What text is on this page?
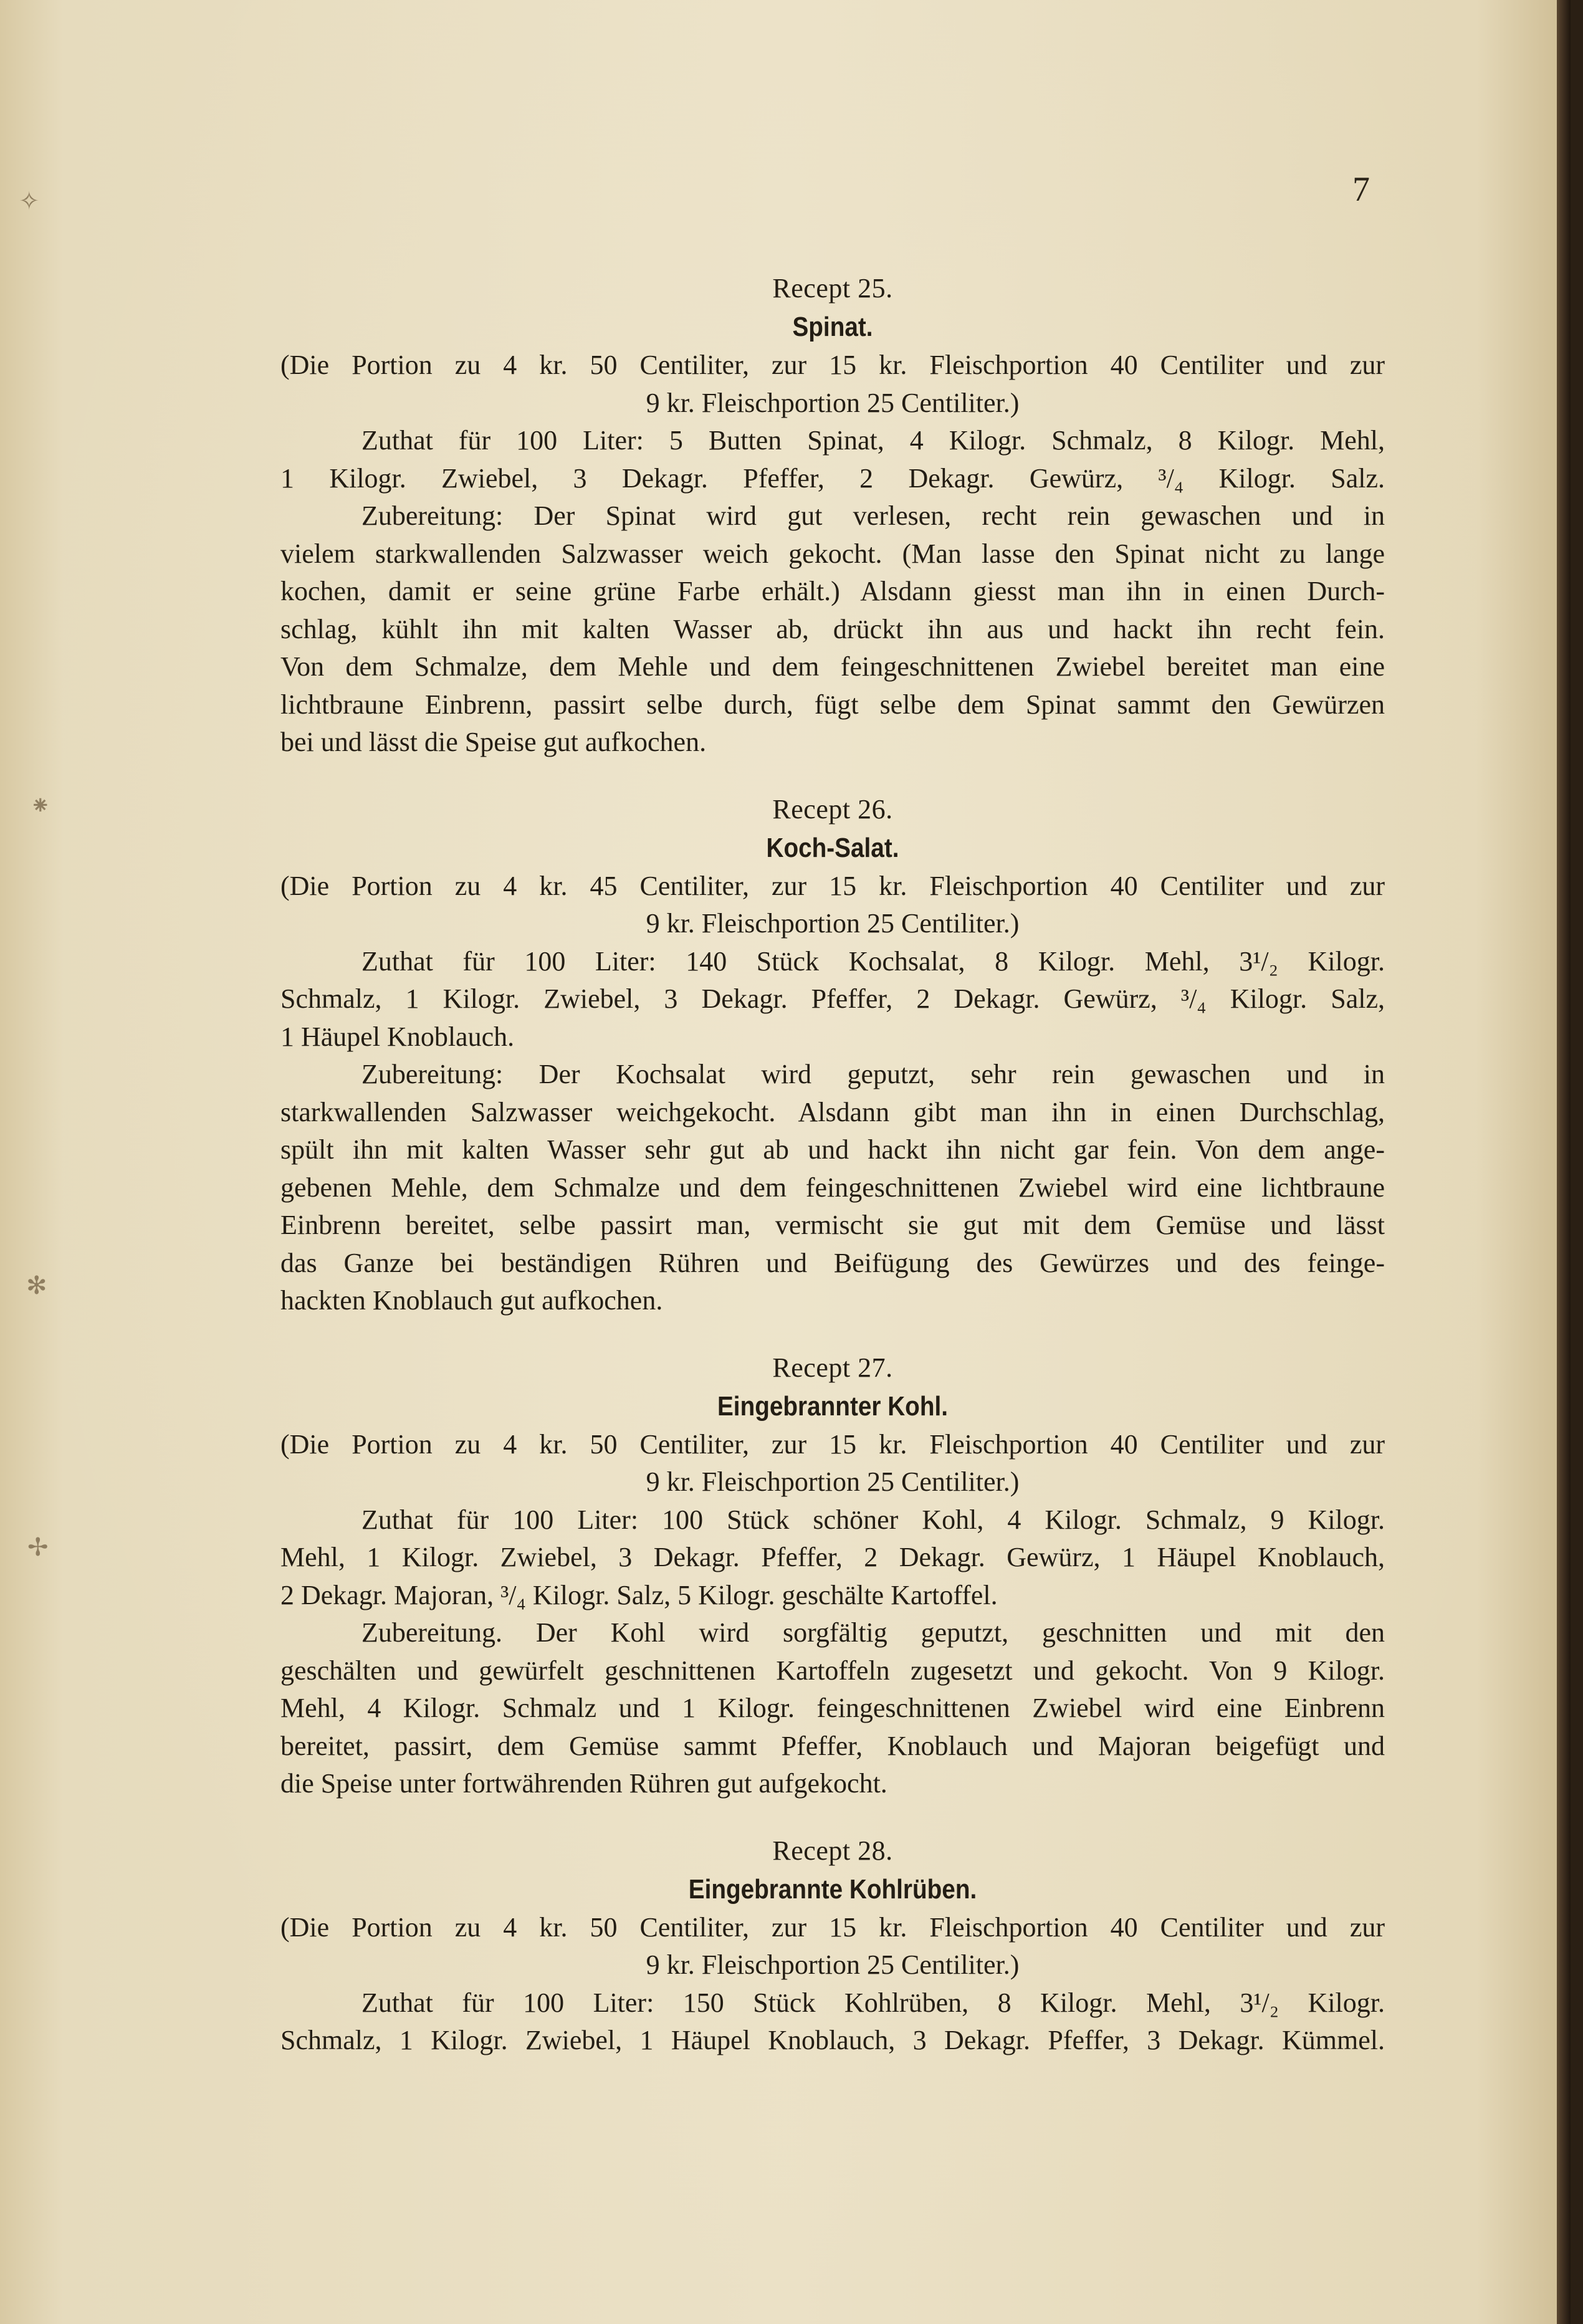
✧
⁕
✻
✢
7
Recept 25.
Spinat.
(Die Portion zu 4 kr. 50 Centiliter, zur 15 kr. Fleischportion 40 Centiliter und zur
9 kr. Fleischportion 25 Centiliter.)
Zuthat für 100 Liter: 5 Butten Spinat, 4 Kilogr. Schmalz, 8 Kilogr. Mehl,
1 Kilogr. Zwiebel, 3 Dekagr. Pfeffer, 2 Dekagr. Gewürz, ³/₄ Kilogr. Salz.
Zubereitung: Der Spinat wird gut verlesen, recht rein gewaschen und in
vielem starkwallenden Salzwasser weich gekocht. (Man lasse den Spinat nicht zu lange
kochen, damit er seine grüne Farbe erhält.) Alsdann giesst man ihn in einen Durch-
schlag, kühlt ihn mit kalten Wasser ab, drückt ihn aus und hackt ihn recht fein.
Von dem Schmalze, dem Mehle und dem feingeschnittenen Zwiebel bereitet man eine
lichtbraune Einbrenn, passirt selbe durch, fügt selbe dem Spinat sammt den Gewürzen
bei und lässt die Speise gut aufkochen.
Recept 26.
Koch-Salat.
(Die Portion zu 4 kr. 45 Centiliter, zur 15 kr. Fleischportion 40 Centiliter und zur
9 kr. Fleischportion 25 Centiliter.)
Zuthat für 100 Liter: 140 Stück Kochsalat, 8 Kilogr. Mehl, 3¹/₂ Kilogr.
Schmalz, 1 Kilogr. Zwiebel, 3 Dekagr. Pfeffer, 2 Dekagr. Gewürz, ³/₄ Kilogr. Salz,
1 Häupel Knoblauch.
Zubereitung: Der Kochsalat wird geputzt, sehr rein gewaschen und in
starkwallenden Salzwasser weichgekocht. Alsdann gibt man ihn in einen Durchschlag,
spült ihn mit kalten Wasser sehr gut ab und hackt ihn nicht gar fein. Von dem ange-
gebenen Mehle, dem Schmalze und dem feingeschnittenen Zwiebel wird eine lichtbraune
Einbrenn bereitet, selbe passirt man, vermischt sie gut mit dem Gemüse und lässt
das Ganze bei beständigen Rühren und Beifügung des Gewürzes und des feinge-
hackten Knoblauch gut aufkochen.
Recept 27.
Eingebrannter Kohl.
(Die Portion zu 4 kr. 50 Centiliter, zur 15 kr. Fleischportion 40 Centiliter und zur
9 kr. Fleischportion 25 Centiliter.)
Zuthat für 100 Liter: 100 Stück schöner Kohl, 4 Kilogr. Schmalz, 9 Kilogr.
Mehl, 1 Kilogr. Zwiebel, 3 Dekagr. Pfeffer, 2 Dekagr. Gewürz, 1 Häupel Knoblauch,
2 Dekagr. Majoran, ³/₄ Kilogr. Salz, 5 Kilogr. geschälte Kartoffel.
Zubereitung. Der Kohl wird sorgfältig geputzt, geschnitten und mit den
geschälten und gewürfelt geschnittenen Kartoffeln zugesetzt und gekocht. Von 9 Kilogr.
Mehl, 4 Kilogr. Schmalz und 1 Kilogr. feingeschnittenen Zwiebel wird eine Einbrenn
bereitet, passirt, dem Gemüse sammt Pfeffer, Knoblauch und Majoran beigefügt und
die Speise unter fortwährenden Rühren gut aufgekocht.
Recept 28.
Eingebrannte Kohlrüben.
(Die Portion zu 4 kr. 50 Centiliter, zur 15 kr. Fleischportion 40 Centiliter und zur
9 kr. Fleischportion 25 Centiliter.)
Zuthat für 100 Liter: 150 Stück Kohlrüben, 8 Kilogr. Mehl, 3¹/₂ Kilogr.
Schmalz, 1 Kilogr. Zwiebel, 1 Häupel Knoblauch, 3 Dekagr. Pfeffer, 3 Dekagr. Kümmel.
